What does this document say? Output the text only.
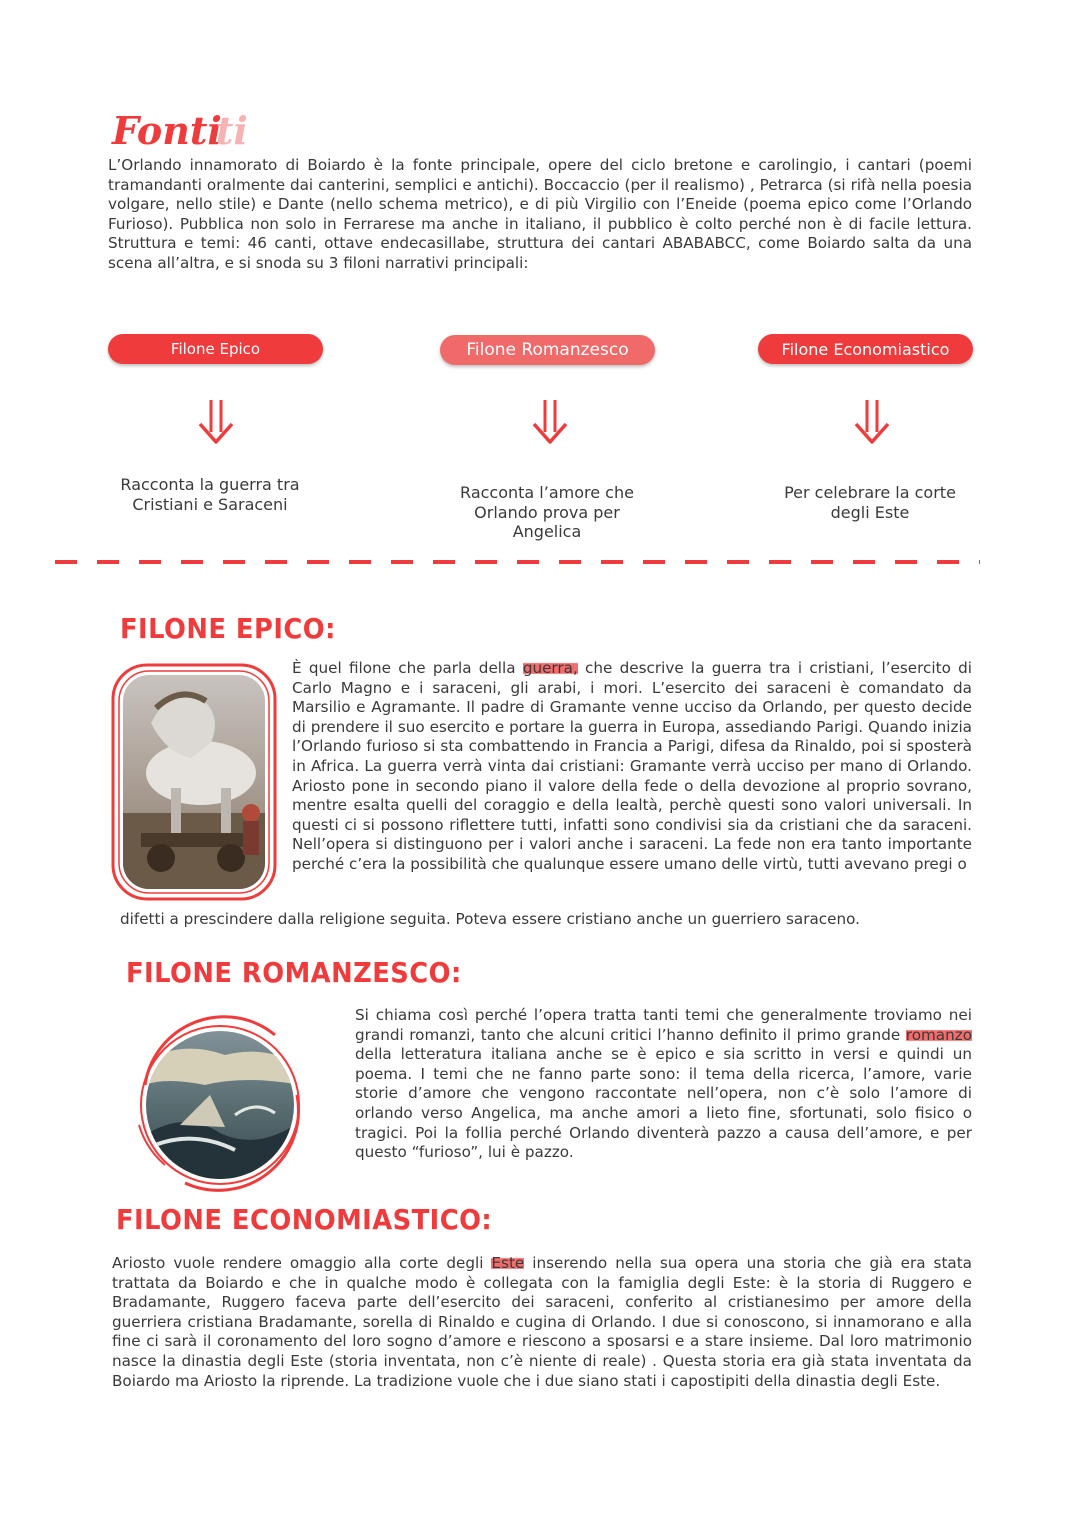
Fontiti
L’Orlando innamorato di Boiardo è la fonte principale, opere del ciclo bretone e carolingio, i cantari (poemi tramandanti oralmente dai canterini, semplici e antichi). Boccaccio (per il realismo) , Petrarca (si rifà nella poesia volgare, nello stile) e Dante (nello schema metrico), e di più Virgilio con l’Eneide (poema epico come l’Orlando Furioso). Pubblica non solo in Ferrarese ma anche in italiano, il pubblico è colto perché non è di facile lettura. Struttura e temi: 46 canti, ottave endecasillabe, struttura dei cantari ABABABCC, come Boiardo salta da una scena all’altra, e si snoda su 3 filoni narrativi principali:
Filone Epico	Filone Romanzesco	Filone Economiastico
Racconta la guerra tra Cristiani e Saraceni
Racconta l’amore che Orlando prova per Angelica
Per celebrare la corte degli Este
FILONE EPICO:
È quel filone che parla della guerra, che descrive la guerra tra i cristiani, l’esercito di Carlo Magno e i saraceni, gli arabi, i mori. L’esercito dei saraceni è comandato da Marsilio e Agramante. Il padre di Gramante venne ucciso da Orlando, per questo decide di prendere il suo esercito e portare la guerra in Europa, assediando Parigi. Quando inizia l’Orlando furioso si sta combattendo in Francia a Parigi, difesa da Rinaldo, poi si sposterà in Africa. La guerra verrà vinta dai cristiani: Gramante verrà ucciso per mano di Orlando. Ariosto pone in secondo piano il valore della fede o della devozione al proprio sovrano, mentre esalta quelli del coraggio e della lealtà, perchè questi sono valori universali. In questi ci si possono riflettere tutti, infatti sono condivisi sia da cristiani che da saraceni. Nell’opera si distinguono per i valori anche i saraceni. La fede non era tanto importante perché c’era la possibilità che qualunque essere umano delle virtù, tutti avevano pregi o
difetti a prescindere dalla religione seguita. Poteva essere cristiano anche un guerriero saraceno.
FILONE ROMANZESCO:
Si chiama così perché l’opera tratta tanti temi che generalmente troviamo nei grandi romanzi, tanto che alcuni critici l’hanno definito il primo grande romanzo della letteratura italiana anche se è epico e sia scritto in versi e quindi un poema. I temi che ne fanno parte sono: il tema della ricerca, l’amore, varie storie d’amore che vengono raccontate nell’opera, non c’è solo l’amore di orlando verso Angelica, ma anche amori a lieto fine, sfortunati, solo fisico o tragici. Poi la follia perché Orlando diventerà pazzo a causa dell’amore, e per questo “furioso”, lui è pazzo.
FILONE ECONOMIASTICO:
Ariosto vuole rendere omaggio alla corte degli Este inserendo nella sua opera una storia che già era stata trattata da Boiardo e che in qualche modo è collegata con la famiglia degli Este: è la storia di Ruggero e Bradamante, Ruggero faceva parte dell’esercito dei saraceni, conferito al cristianesimo per amore della guerriera cristiana Bradamante, sorella di Rinaldo e cugina di Orlando. I due si conoscono, si innamorano e alla fine ci sarà il coronamento del loro sogno d’amore e riescono a sposarsi e a stare insieme. Dal loro matrimonio nasce la dinastia degli Este (storia inventata, non c’è niente di reale) . Questa storia era già stata inventata da Boiardo ma Ariosto la riprende. La tradizione vuole che i due siano stati i capostipiti della dinastia degli Este.
